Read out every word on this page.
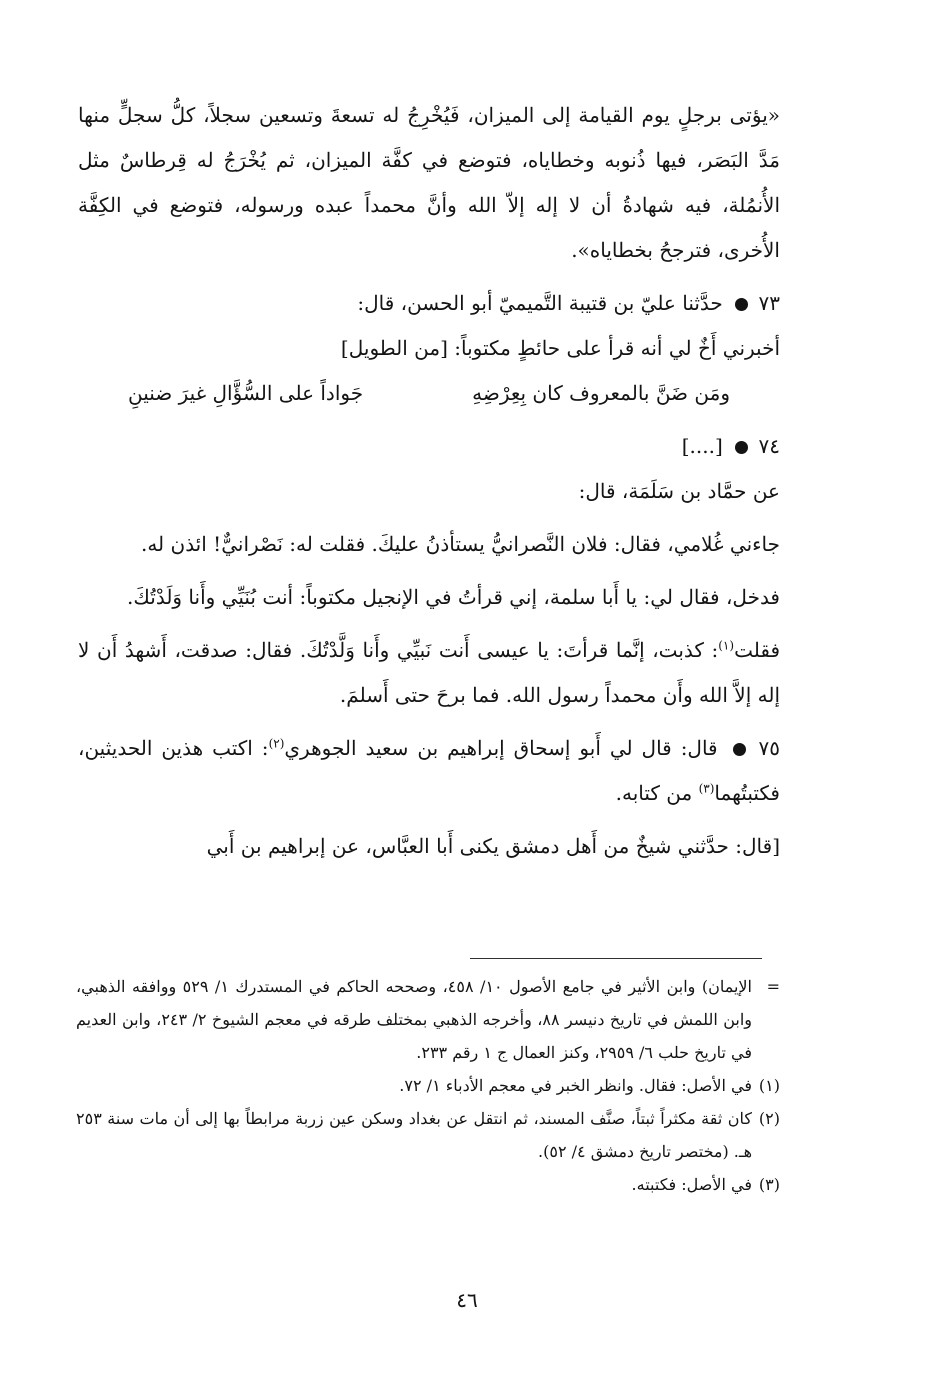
«يؤتى برجلٍ يوم القيامة إلى الميزان، فَيُخْرِجُ له تسعةَ وتسعين سجلاً، كلُّ سجلٍّ منها مَدَّ البَصَر، فيها ذُنوبه وخطاياه، فتوضع في كفَّة الميزان، ثم يُخْرَجُ له قِرطاسٌ مثل الأُنمُلة، فيه شهادةُ أن لا إله إلاّ الله وأنَّ محمداً عبده ورسوله، فتوضع في الكِفَّة الأُخرى، فترجحُ بخطاياه».

٧٣  حدَّثنا عليّ بن قتيبة التَّميميّ أبو الحسن، قال:

أخبرني أَخٌ لي أنه قرأ على حائطٍ مكتوباً: [من الطويل]

ومَن ضَنَّ بالمعروف كان بِعِرْضِهِ
جَواداً على السُّؤَّالِ غيرَ ضنينِ

٧٤  [....]

عن حمَّاد بن سَلَمَة، قال:

جاءني غُلامي، فقال: فلان النَّصرانيُّ يستأذنُ عليكَ. فقلت له: نَصْرانيٌّ! ائذن له.

فدخل، فقال لي: يا أَبا سلمة، إني قرأتُ في الإنجيل مكتوباً: أنت بُنَيِّي وأَنا وَلَدْتُكَ.

فقلت$^{(١)}$: كذبت، إنَّما قرأتَ: يا عيسى أَنت نَبيِّي وأَنا وَلَّدْتُكَ. فقال: صدقت، أَشهدُ أَن لا إله إلاَّ الله وأَن محمداً رسول الله. فما برحَ حتى أَسلمَ.

٧٥  قال: قال لي أَبو إسحاق إبراهيم بن سعيد الجوهري$^{(٢)}$: اكتب هذين الحديثين، فكتبتُهما$^{(٣)}$ من كتابه.

[قال: حدَّثني شيخٌ من أَهل دمشق يكنى أَبا العبَّاس، عن إبراهيم بن أَبي

=
الإيمان) وابن الأثير في جامع الأصول ١٠/ ٤٥٨، وصححه الحاكم في المستدرك ١/ ٥٢٩ ووافقه الذهبي، وابن اللمش في تاريخ دنيسر ٨٨، وأخرجه الذهبي بمختلف طرقه في معجم الشيوخ ٢/ ٢٤٣، وابن العديم في تاريخ حلب ٦/ ٢٩٥٩، وكنز العمال ج ١ رقم ٢٣٣.

(١)
في الأصل: فقال. وانظر الخبر في معجم الأدباء ١/ ٧٢.

(٢)
كان ثقة مكثراً ثبتاً، صنَّف المسند، ثم انتقل عن بغداد وسكن عين زربة مرابطاً بها إلى أن مات سنة ٢٥٣ هـ. (مختصر تاريخ دمشق ٤/ ٥٢).

(٣)
في الأصل: فكتبته.

٤٦
